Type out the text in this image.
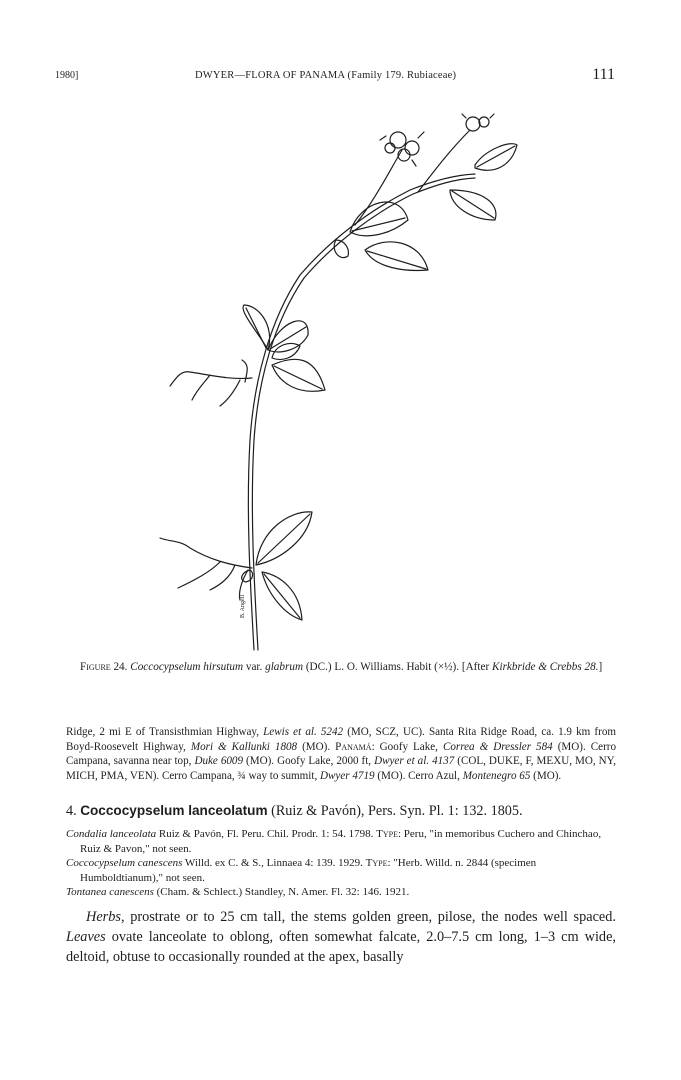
1980]	DWYER—FLORA OF PANAMA (Family 179. Rubiaceae)	111
B. Angell
Figure 24. Coccocypselum hirsutum var. glabrum (DC.) L. O. Williams. Habit (×½). [After Kirkbride & Crebbs 28.]
Ridge, 2 mi E of Transisthmian Highway, Lewis et al. 5242 (MO, SCZ, UC). Santa Rita Ridge Road, ca. 1.9 km from Boyd-Roosevelt Highway, Mori & Kallunki 1808 (MO). Panamá: Goofy Lake, Correa & Dressler 584 (MO). Cerro Campana, savanna near top, Duke 6009 (MO). Goofy Lake, 2000 ft, Dwyer et al. 4137 (COL, DUKE, F, MEXU, MO, NY, MICH, PMA, VEN). Cerro Campana, ¾ way to summit, Dwyer 4719 (MO). Cerro Azul, Montenegro 65 (MO).
4. Coccocypselum lanceolatum (Ruiz & Pavón), Pers. Syn. Pl. 1: 132. 1805.

Condalia lanceolata Ruiz & Pavón, Fl. Peru. Chil. Prodr. 1: 54. 1798. Type: Peru, "in memoribus Cuchero and Chinchao, Ruiz & Pavon," not seen.

Coccocypselum canescens Willd. ex C. & S., Linnaea 4: 139. 1929. Type: "Herb. Willd. n. 2844 (specimen Humboldtianum)," not seen.

Tontanea canescens (Cham. & Schlect.) Standley, N. Amer. Fl. 32: 146. 1921.

Herbs, prostrate or to 25 cm tall, the stems golden green, pilose, the nodes well spaced. Leaves ovate lanceolate to oblong, often somewhat falcate, 2.0–7.5 cm long, 1–3 cm wide, deltoid, obtuse to occasionally rounded at the apex, basally
